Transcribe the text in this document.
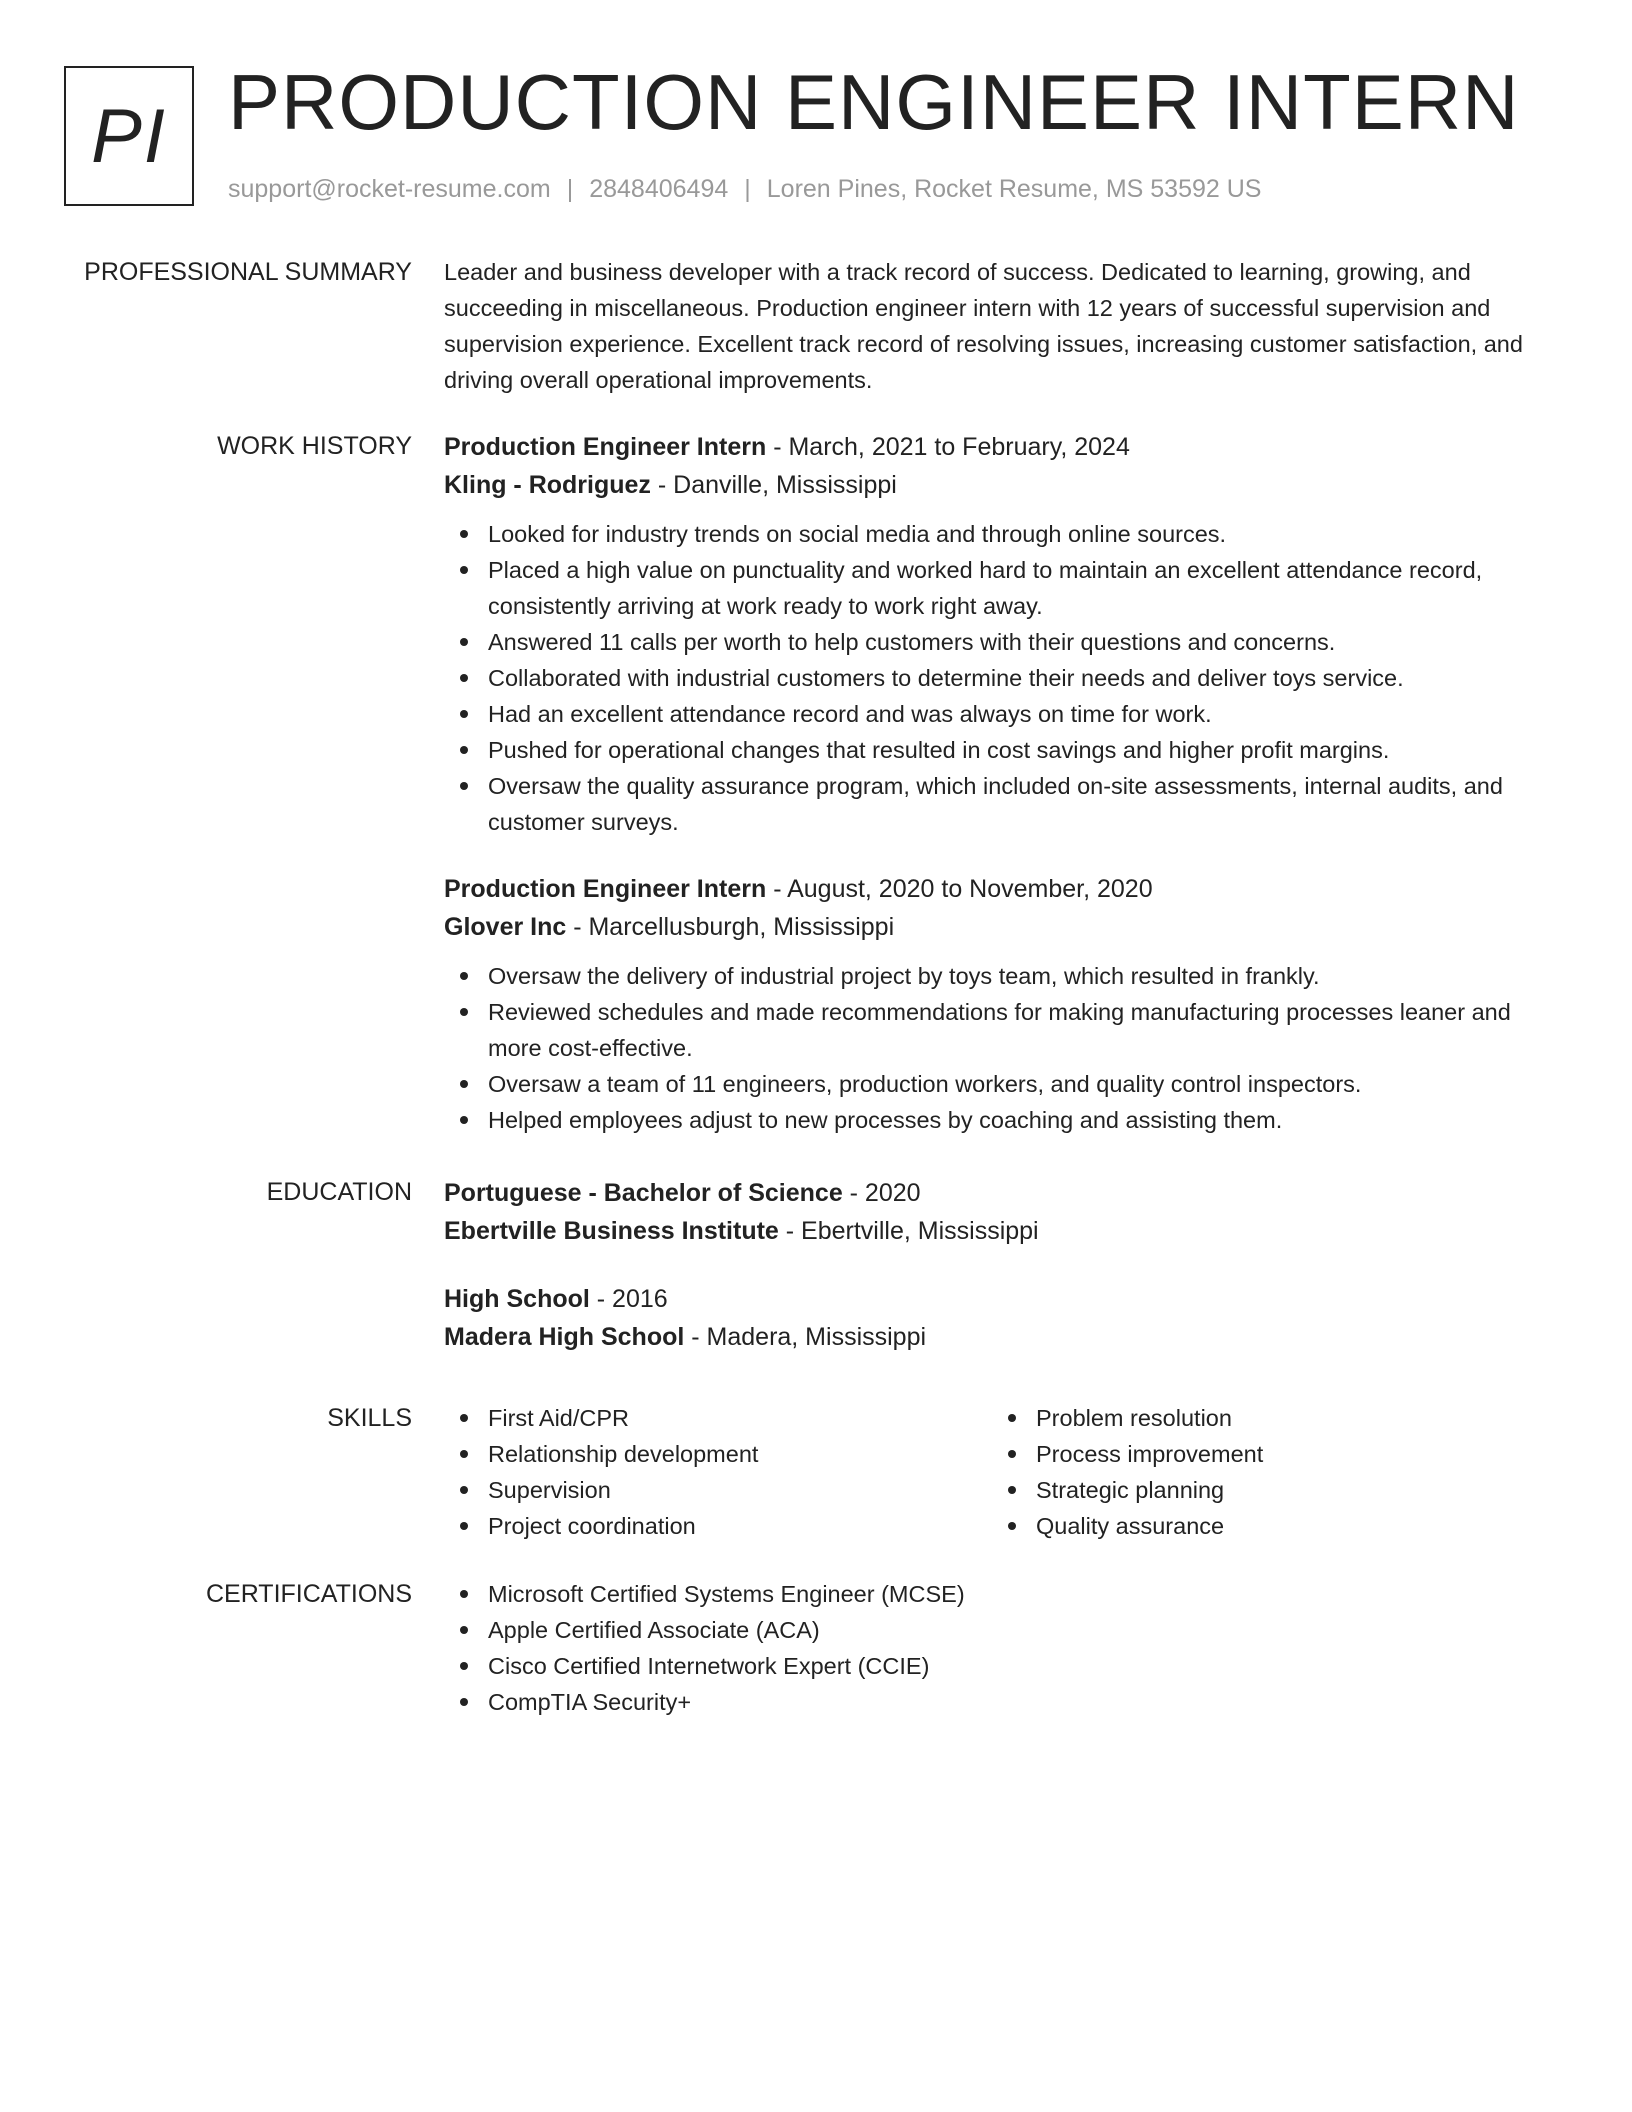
PI PRODUCTION ENGINEER INTERN
support@rocket-resume.com | 2848406494 | Loren Pines, Rocket Resume, MS 53592 US
PROFESSIONAL SUMMARY Leader and business developer with a track record of success. Dedicated to learning, growing, and succeeding in miscellaneous. Production engineer intern with 12 years of successful supervision and supervision experience. Excellent track record of resolving issues, increasing customer satisfaction, and driving overall operational improvements.

WORK HISTORY Production Engineer Intern - March, 2021 to February, 2024
Kling - Rodriguez - Danville, Mississippi
Looked for industry trends on social media and through online sources.
Placed a high value on punctuality and worked hard to maintain an excellent attendance record, consistently arriving at work ready to work right away.
Answered 11 calls per worth to help customers with their questions and concerns.
Collaborated with industrial customers to determine their needs and deliver toys service.
Had an excellent attendance record and was always on time for work.
Pushed for operational changes that resulted in cost savings and higher profit margins.
Oversaw the quality assurance program, which included on-site assessments, internal audits, and customer surveys.
Production Engineer Intern - August, 2020 to November, 2020
Glover Inc - Marcellusburgh, Mississippi
Oversaw the delivery of industrial project by toys team, which resulted in frankly.
Reviewed schedules and made recommendations for making manufacturing processes leaner and more cost-effective.
Oversaw a team of 11 engineers, production workers, and quality control inspectors.
Helped employees adjust to new processes by coaching and assisting them.
EDUCATION Portuguese - Bachelor of Science - 2020
Ebertville Business Institute - Ebertville, Mississippi
High School - 2016
Madera High School - Madera, Mississippi
SKILLS	First Aid/CPR
Relationship development
Supervision
Project coordination
Problem resolution
Process improvement
Strategic planning
Quality assurance
CERTIFICATIONS	Microsoft Certified Systems Engineer (MCSE)
Apple Certified Associate (ACA)
Cisco Certified Internetwork Expert (CCIE)
CompTIA Security+
